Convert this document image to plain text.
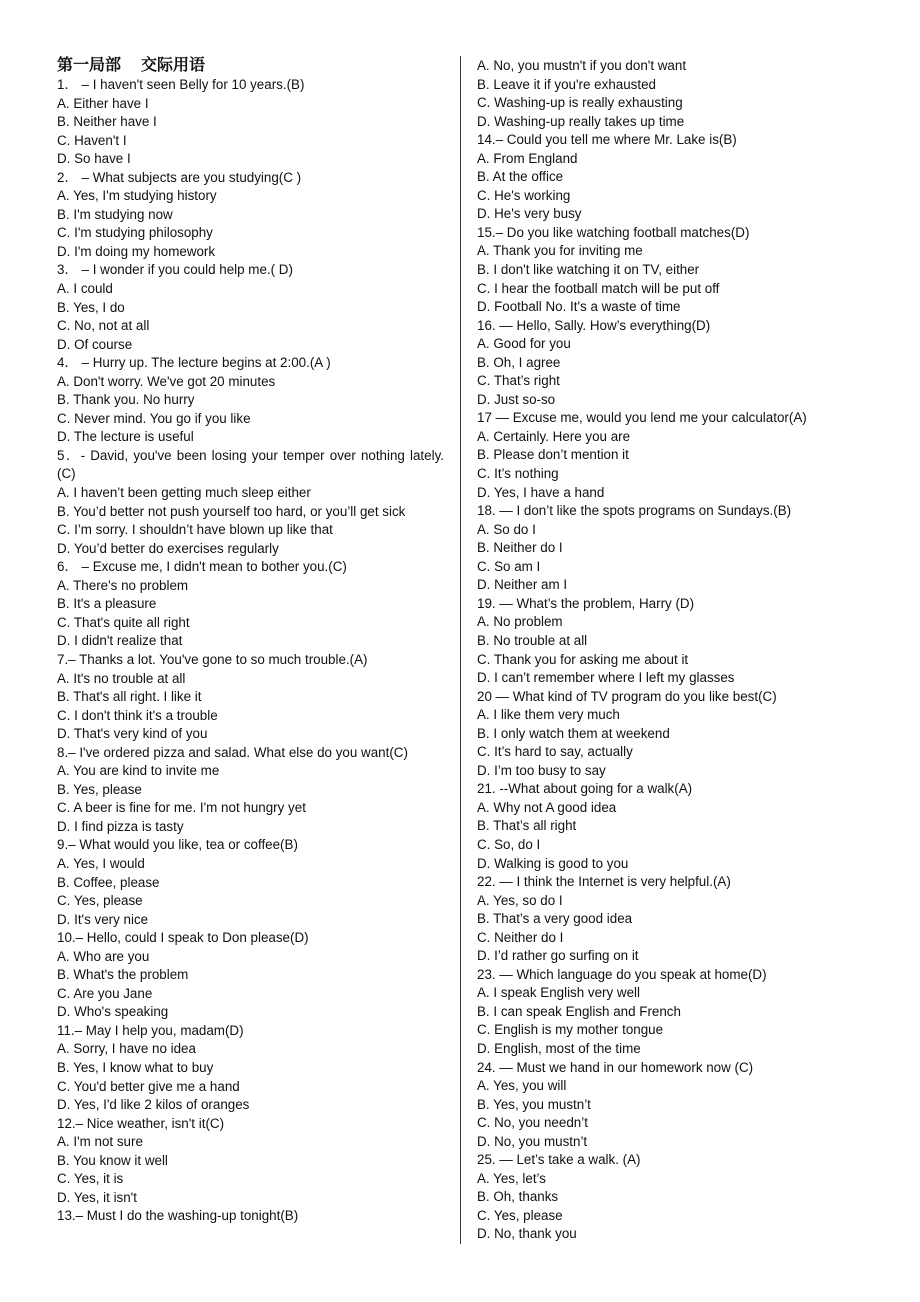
第一局部 交际用语

1． – I haven't seen Belly for 10 years.(B)

A. Either have I

B. Neither have I

C. Haven't I

D. So have I

2． – What subjects are you studying(C )

A. Yes, I'm studying history

B. I'm studying now

C. I'm studying philosophy

D. I'm doing my homework

3． – I wonder if you could help me.( D)

A. I could

B. Yes, I do

C. No, not at all

D. Of course

4． – Hurry up. The lecture begins at 2:00.(A )

A. Don't worry. We've got 20 minutes

B. Thank you. No hurry

C. Never mind. You go if you like

D. The lecture is useful

5．- David, you've been losing your temper over nothing lately.(C)

A. I haven’t been getting much sleep either

B. You’d better not push yourself too hard, or you’ll get sick

C. I’m sorry. I shouldn’t have blown up like that

D. You’d better do exercises regularly

6． – Excuse me, I didn't mean to bother you.(C)

A. There's no problem

B. It's a pleasure

C. That's quite all right

D. I didn't realize that

7.– Thanks a lot. You've gone to so much trouble.(A)

A. It's no trouble at all

B. That's all right. I like it

C. I don't think it's a trouble

D. That's very kind of you

8.– I've ordered pizza and salad. What else do you want(C)

A. You are kind to invite me

B. Yes, please

C. A beer is fine for me. I'm not hungry yet

D. I find pizza is tasty

9.– What would you like, tea or coffee(B)

A. Yes, I would

B. Coffee, please

C. Yes, please

D. It's very nice

10.– Hello, could I speak to Don please(D)

A. Who are you

B. What's the problem

C. Are you Jane

D. Who's speaking

11.– May I help you, madam(D)

A. Sorry, I have no idea

B. Yes, I know what to buy

C. You'd better give me a hand

D. Yes, I'd like 2 kilos of oranges

12.– Nice weather, isn't it(C)

A. I'm not sure

B. You know it well

C. Yes, it is

D. Yes, it isn't

13.– Must I do the washing-up tonight(B)

A. No, you mustn't if you don't want

B. Leave it if you're exhausted

C. Washing-up is really exhausting

D. Washing-up really takes up time

14.– Could you tell me where Mr. Lake is(B)

A. From England

B. At the office

C. He's working

D. He's very busy

15.– Do you like watching football matches(D)

A. Thank you for inviting me

B. I don't like watching it on TV, either

C. I hear the football match will be put off

D. Football No. It's a waste of time

16. — Hello, Sally. How’s everything(D)

A. Good for you

B. Oh, I agree

C. That’s right

D. Just so-so

17 — Excuse me, would you lend me your calculator(A)

A. Certainly. Here you are

B. Please don’t mention it

C. It’s nothing

D. Yes, I have a hand

18. — I don’t like the spots programs on Sundays.(B)

A. So do I

B. Neither do I

C. So am I

D. Neither am I

19. — What’s the problem, Harry (D)

A. No problem

B. No trouble at all

C. Thank you for asking me about it

D. I can’t remember where I left my glasses

20 — What kind of TV program do you like best(C)

A. I like them very much

B. I only watch them at weekend

C. It’s hard to say, actually

D. I’m too busy to say

21. --What about going for a walk(A)

A. Why not A good idea

B. That’s all right

C. So, do I

D. Walking is good to you

22. — I think the Internet is very helpful.(A)

A. Yes, so do I

B. That’s a very good idea

C. Neither do I

D. I’d rather go surfing on it

23. — Which language do you speak at home(D)

A. I speak English very well

B. I can speak English and French

C. English is my mother tongue

D. English, most of the time

24. — Must we hand in our homework now (C)

A. Yes, you will

B. Yes, you mustn’t

C. No, you needn’t

D. No, you mustn’t

25. — Let’s take a walk. (A)

A. Yes, let’s

B. Oh, thanks

C. Yes, please

D. No, thank you
